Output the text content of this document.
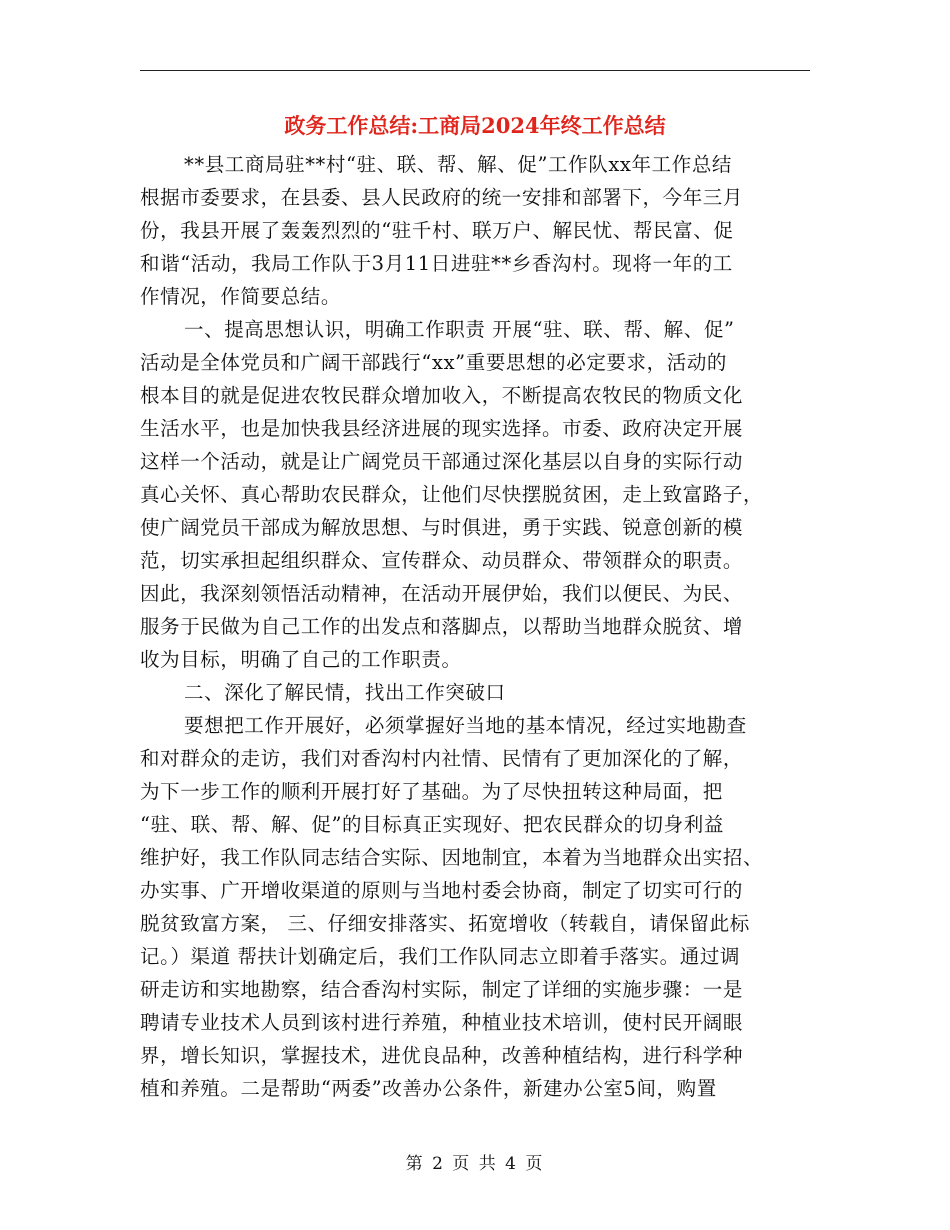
政务工作总结:工商局2024年终工作总结
**县工商局驻**村“驻、联、帮、解、促”工作队xx年工作总结
根据市委要求，在县委、县人民政府的统一安排和部署下，今年三月
份，我县开展了轰轰烈烈的“驻千村、联万户、解民忧、帮民富、促
和谐“活动，我局工作队于3月11日进驻**乡香沟村。现将一年的工
作情况，作简要总结。
一、提高思想认识，明确工作职责 开展“驻、联、帮、解、促”
活动是全体党员和广阔干部践行“xx”重要思想的必定要求，活动的
根本目的就是促进农牧民群众增加收入，不断提高农牧民的物质文化
生活水平，也是加快我县经济进展的现实选择。市委、政府决定开展
这样一个活动，就是让广阔党员干部通过深化基层以自身的实际行动
真心关怀、真心帮助农民群众，让他们尽快摆脱贫困，走上致富路子，
使广阔党员干部成为解放思想、与时俱进，勇于实践、锐意创新的模
范，切实承担起组织群众、宣传群众、动员群众、带领群众的职责。
因此，我深刻领悟活动精神，在活动开展伊始，我们以便民、为民、
服务于民做为自己工作的出发点和落脚点，以帮助当地群众脱贫、增
收为目标，明确了自己的工作职责。
二、深化了解民情，找出工作突破口
要想把工作开展好，必须掌握好当地的基本情况，经过实地勘查
和对群众的走访，我们对香沟村内社情、民情有了更加深化的了解，
为下一步工作的顺利开展打好了基础。为了尽快扭转这种局面，把
“驻、联、帮、解、促”的目标真正实现好、把农民群众的切身利益
维护好，我工作队同志结合实际、因地制宜，本着为当地群众出实招、
办实事、广开增收渠道的原则与当地村委会协商，制定了切实可行的
脱贫致富方案， 三、仔细安排落实、拓宽增收（转载自，请保留此标
记。）渠道 帮扶计划确定后，我们工作队同志立即着手落实。通过调
研走访和实地勘察，结合香沟村实际，制定了详细的实施步骤：一是
聘请专业技术人员到该村进行养殖，种植业技术培训，使村民开阔眼
界，增长知识，掌握技术，进优良品种，改善种植结构，进行科学种
植和养殖。二是帮助“两委”改善办公条件，新建办公室5间，购置
第 2 页 共 4 页
